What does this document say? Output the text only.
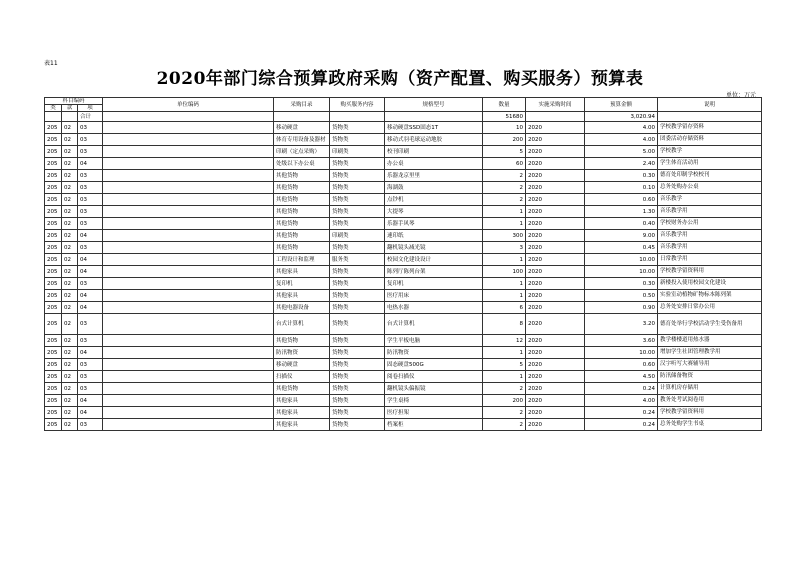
表11
2020年部门综合预算政府采购（资产配置、购买服务）预算表
单位：万元
科目编码			单位编码	采购目录	购买服务内容	规格型号	数量	实施采购时间	预算金额	说明
类	款	项								
		合计					51680		3,020.94	
205	02	03		移动硬盘	货物类	移动硬盘SSD固态1T	10	2020	4.00	学校教学留存资料
205	02	03		体育专用设备及器材	货物类	移动式羽毛球运动地胶	200	2020	4.00	团委活动存储资料
205	02	03		印刷（定点采购）	印刷类	校刊印刷	5	2020	5.00	学校教学
205	02	04		处级以下办公桌	货物类	办公桌	60	2020	2.40	学生体育活动用
205	02	03		其他货物	货物类	乐器龙京里里	2	2020	0.30	德育处印制学校校刊
205	02	03		其他货物	货物类	海湖鼓	2	2020	0.10	总务处购办公桌
205	02	03		其他货物	货物类	点钞机	2	2020	0.60	音乐教学
205	02	03		其他货物	货物类	大提琴	1	2020	1.30	音乐教学用
205	02	03		其他货物	货物类	乐器手风琴	1	2020	0.40	学校财务办公用
205	02	04		其他货物	印刷类	速印纸	300	2020	9.00	音乐教学用
205	02	03		其他货物	货物类	翻机镜头减光镜	3	2020	0.45	音乐教学用
205	02	04		工程设计和监理	服务类	校园文化建设设计	1	2020	10.00	日常教学用
205	02	04		其他家具	货物类	陈列厅陈列台架	100	2020	10.00	学校教学留资料用
205	02	03		复印机	货物类	复印机	1	2020	0.30	新楼投入使用校园文化建设
205	02	04		其他家具	货物类	医疗用床	1	2020	0.50	实验室动植物矿物标本陈列架
205	02	04		其他电器设备	货物类	电热水器	6	2020	0.90	总务处安排日常办公用
205	02	03		台式计算机	货物类	台式计算机	8	2020	3.20	德育处举行学校活动学生受伤备用
205	02	03		其他货物	货物类	学生平板电脑	12	2020	3.60	教学楼楼道用热水器
205	02	04		防汛物资	货物类	防汛物资	1	2020	10.00	增加学生社团管理教学用
205	02	03		移动硬盘	货物类	固态硬盘500G	5	2020	0.60	汉字听写大赛辅导用
205	02	03		扫描仪	货物类	阅卷扫描仪	1	2020	4.50	防汛储备物资
205	02	03		其他货物	货物类	翻机镜头偏振镜	2	2020	0.24	计算机房存储用
205	02	04		其他家具	货物类	学生桌椅	200	2020	4.00	教务处考试阅卷用
205	02	04		其他家具	货物类	医疗担架	2	2020	0.24	学校教学留资料用
205	02	03		其他家具	货物类	档案柜	2	2020	0.24	总务处购学生书桌
